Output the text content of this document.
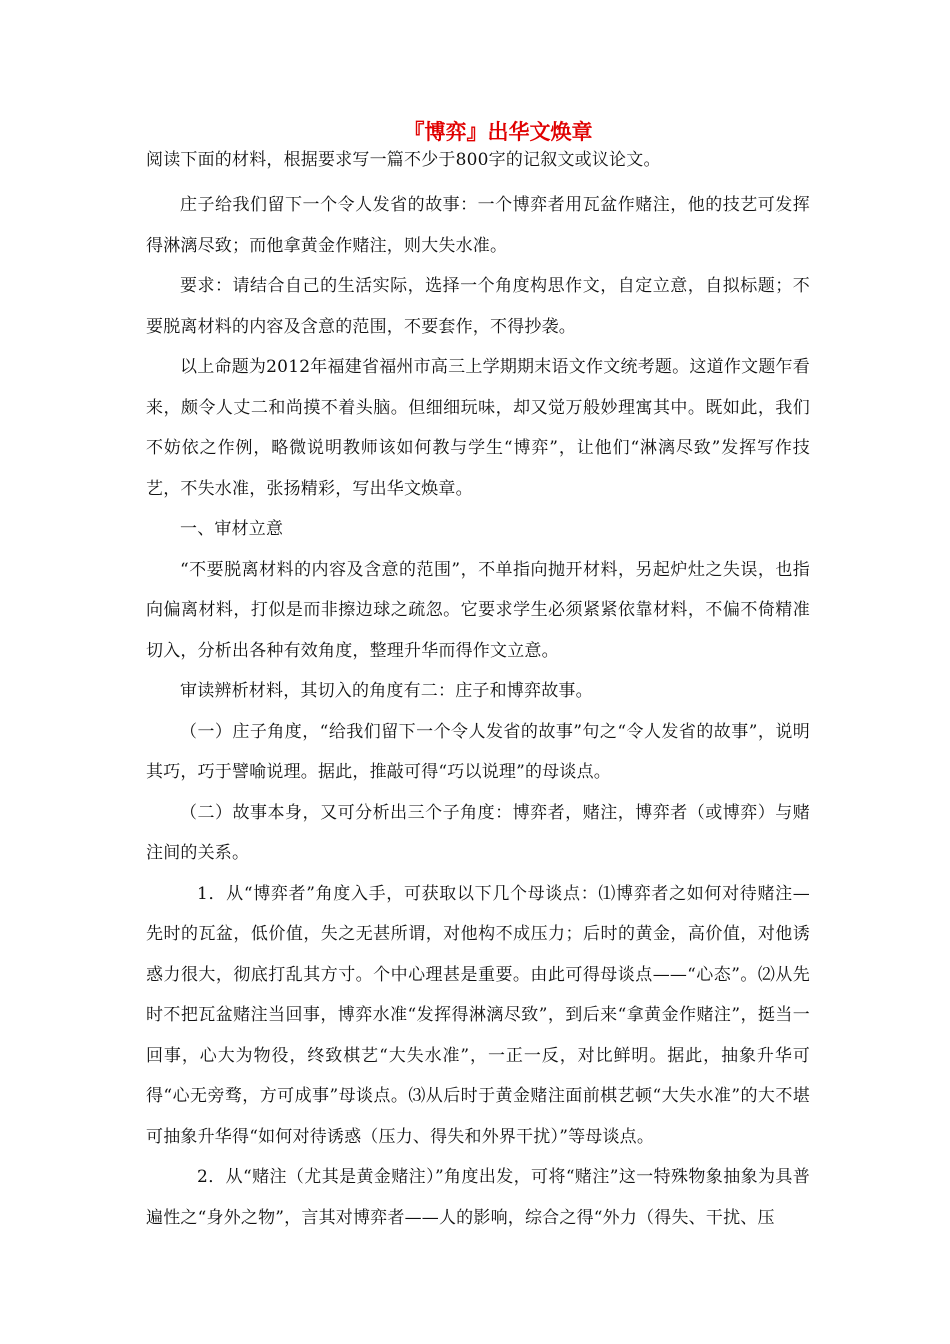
『博弈』出华文焕章

阅读下面的材料，根据要求写一篇不少于800字的记叙文或议论文。

庄子给我们留下一个令人发省的故事：一个博弈者用瓦盆作赌注，他的技艺可发挥得淋漓尽致；而他拿黄金作赌注，则大失水准。

要求：请结合自己的生活实际，选择一个角度构思作文，自定立意，自拟标题；不要脱离材料的内容及含意的范围，不要套作，不得抄袭。

以上命题为2012年福建省福州市高三上学期期末语文作文统考题。这道作文题乍看来，颇令人丈二和尚摸不着头脑。但细细玩味，却又觉万般妙理寓其中。既如此，我们不妨依之作例，略微说明教师该如何教与学生“博弈”，让他们“淋漓尽致”发挥写作技艺，不失水准，张扬精彩，写出华文焕章。

一、审材立意

“不要脱离材料的内容及含意的范围”，不单指向抛开材料，另起炉灶之失误，也指向偏离材料，打似是而非擦边球之疏忽。它要求学生必须紧紧依靠材料，不偏不倚精准切入，分析出各种有效角度，整理升华而得作文立意。

审读辨析材料，其切入的角度有二：庄子和博弈故事。

（一）庄子角度，“给我们留下一个令人发省的故事”句之“令人发省的故事”，说明其巧，巧于譬喻说理。据此，推敲可得“巧以说理”的母谈点。

（二）故事本身，又可分析出三个子角度：博弈者，赌注，博弈者（或博弈）与赌注间的关系。

1．从“博弈者”角度入手，可获取以下几个母谈点：⑴博弈者之如何对待赌注—先时的瓦盆，低价值，失之无甚所谓，对他构不成压力；后时的黄金，高价值，对他诱惑力很大，彻底打乱其方寸。个中心理甚是重要。由此可得母谈点——“心态”。⑵从先时不把瓦盆赌注当回事，博弈水准“发挥得淋漓尽致”，到后来“拿黄金作赌注”，挺当一回事，心大为物役，终致棋艺“大失水准”，一正一反，对比鲜明。据此，抽象升华可得“心无旁骛，方可成事”母谈点。⑶从后时于黄金赌注面前棋艺顿“大失水准”的大不堪可抽象升华得“如何对待诱惑（压力、得失和外界干扰）”等母谈点。

2．从“赌注（尤其是黄金赌注）”角度出发，可将“赌注”这一特殊物象抽象为具普遍性之“身外之物”，言其对博弈者——人的影响，综合之得“外力（得失、干扰、压
